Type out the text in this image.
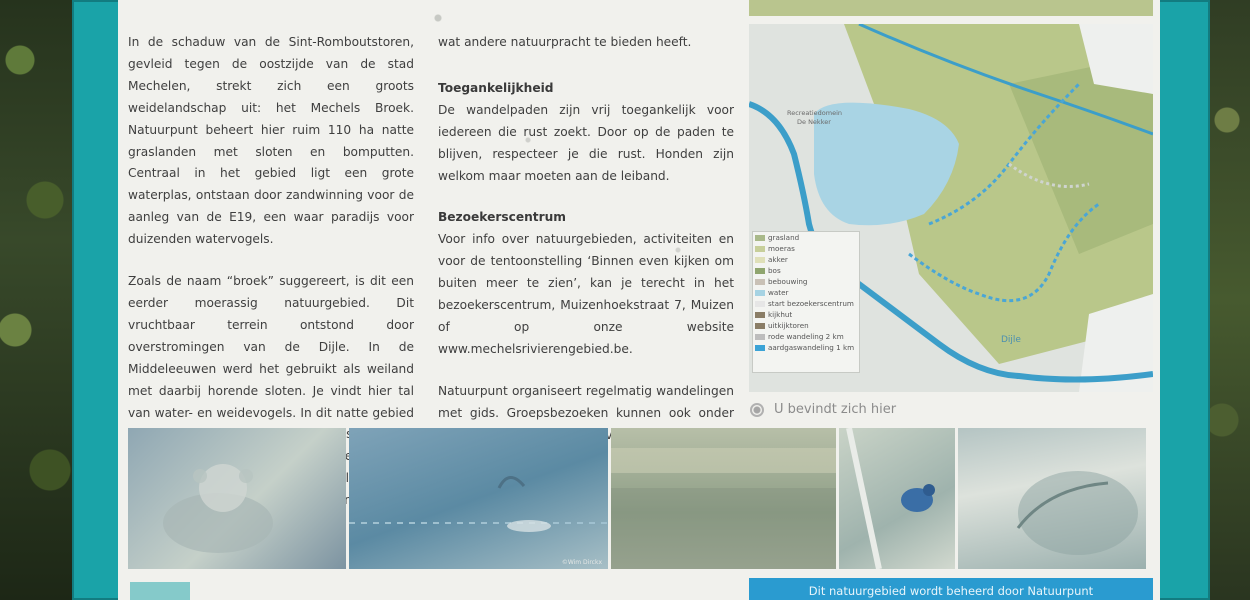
In de schaduw van de Sint-Romboutstoren, gevleid tegen de oostzijde van de stad Mechelen, strekt zich een groots weidelandschap uit: het Mechels Broek. Natuurpunt beheert hier ruim 110 ha natte graslanden met sloten en bomputten. Centraal in het gebied ligt een grote waterplas, ontstaan door zandwinning voor de aanleg van de E19, een waar paradijs voor duizenden watervogels.

Zoals de naam “broek” suggereert, is dit een eerder moerassig natuurgebied. Dit vruchtbaar terrein ontstond door overstromingen van de Dijle. In de Middeleeuwen werd het gebruikt als weiland met daarbij horende sloten. Je vindt hier tal van water- en weidevogels. In dit natte gebied rust. bovendien

wat andere natuurpracht te bieden heeft.

Toegankelijkheid

De wandelpaden zijn vrij toegankelijk voor iedereen die rust zoekt. Door op de paden te blijven, respecteer je die rust. Honden zijn welkom maar moeten aan de leiband.

Bezoekerscentrum

Voor info over natuurgebieden, activiteiten en voor de tentoonstelling ‘Binnen even kijken om buiten meer te zien’, kan je terecht in het bezoekerscentrum, Muizenhoekstraat 7, Muizen of op onze website www.mechelsrivierengebied.be.

Natuurpunt organiseert regelmatig wandelingen met gids. Groepsbezoeken kunnen ook onder

Recreatiedomein
De Nekker
Dijle
grasland
moeras
akker
bos
bebouwing
water
start bezoekerscentrum
kijkhut
uitkijktoren
rode wandeling 2 km
aardgaswandeling 1 km
U bevindt zich hier
©Wim Dirckx
Dit natuurgebied wordt beheerd door Natuurpunt
